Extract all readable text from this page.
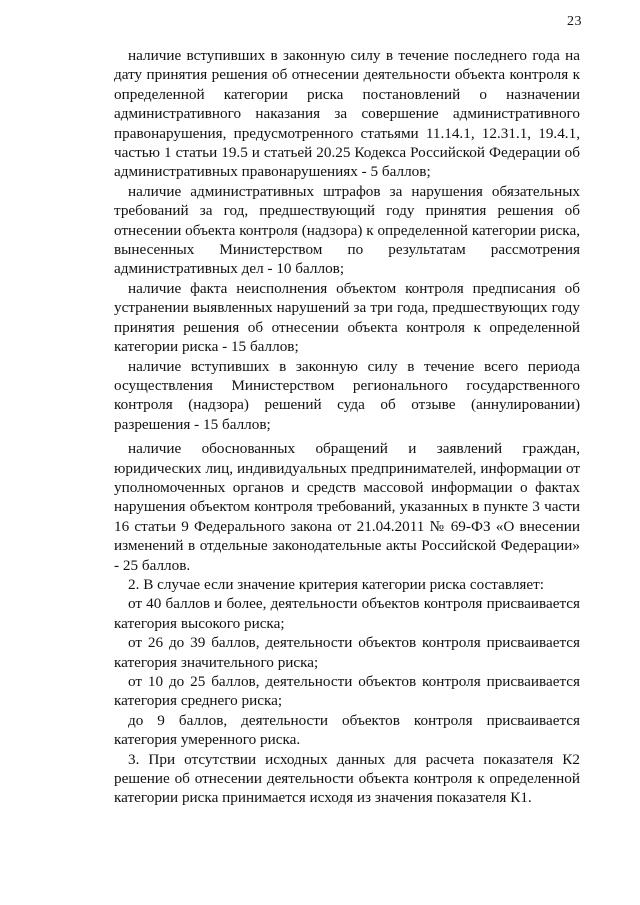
23

наличие вступивших в законную силу в течение последнего года на дату принятия решения об отнесении деятельности объекта контроля к определенной категории риска постановлений о назначении административного наказания за совершение административного правонарушения, предусмотренного статьями 11.14.1, 12.31.1, 19.4.1, частью 1 статьи 19.5 и статьей 20.25 Кодекса Российской Федерации об административных правонарушениях - 5 баллов;

наличие административных штрафов за нарушения обязательных требований за год, предшествующий году принятия решения об отнесении объекта контроля (надзора) к определенной категории риска, вынесенных Министерством по результатам рассмотрения административных дел - 10 баллов;

наличие факта неисполнения объектом контроля предписания об устранении выявленных нарушений за три года, предшествующих году принятия решения об отнесении объекта контроля к определенной категории риска - 15 баллов;

наличие вступивших в законную силу в течение всего периода осуществления Министерством регионального государственного контроля (надзора) решений суда об отзыве (аннулировании) разрешения - 15 баллов;

наличие обоснованных обращений и заявлений граждан, юридических лиц, индивидуальных предпринимателей, информации от уполномоченных органов и средств массовой информации о фактах нарушения объектом контроля требований, указанных в пункте 3 части 16 статьи 9 Федерального закона от 21.04.2011 № 69-ФЗ «О внесении изменений в отдельные законодательные акты Российской Федерации» - 25 баллов.

2. В случае если значение критерия категории риска составляет:

от 40 баллов и более, деятельности объектов контроля присваивается категория высокого риска;

от 26 до 39 баллов, деятельности объектов контроля присваивается категория значительного риска;

от 10 до 25 баллов, деятельности объектов контроля присваивается категория среднего риска;

до 9 баллов, деятельности объектов контроля присваивается категория умеренного риска.

3. При отсутствии исходных данных для расчета показателя К2 решение об отнесении деятельности объекта контроля к определенной категории риска принимается исходя из значения показателя К1.
